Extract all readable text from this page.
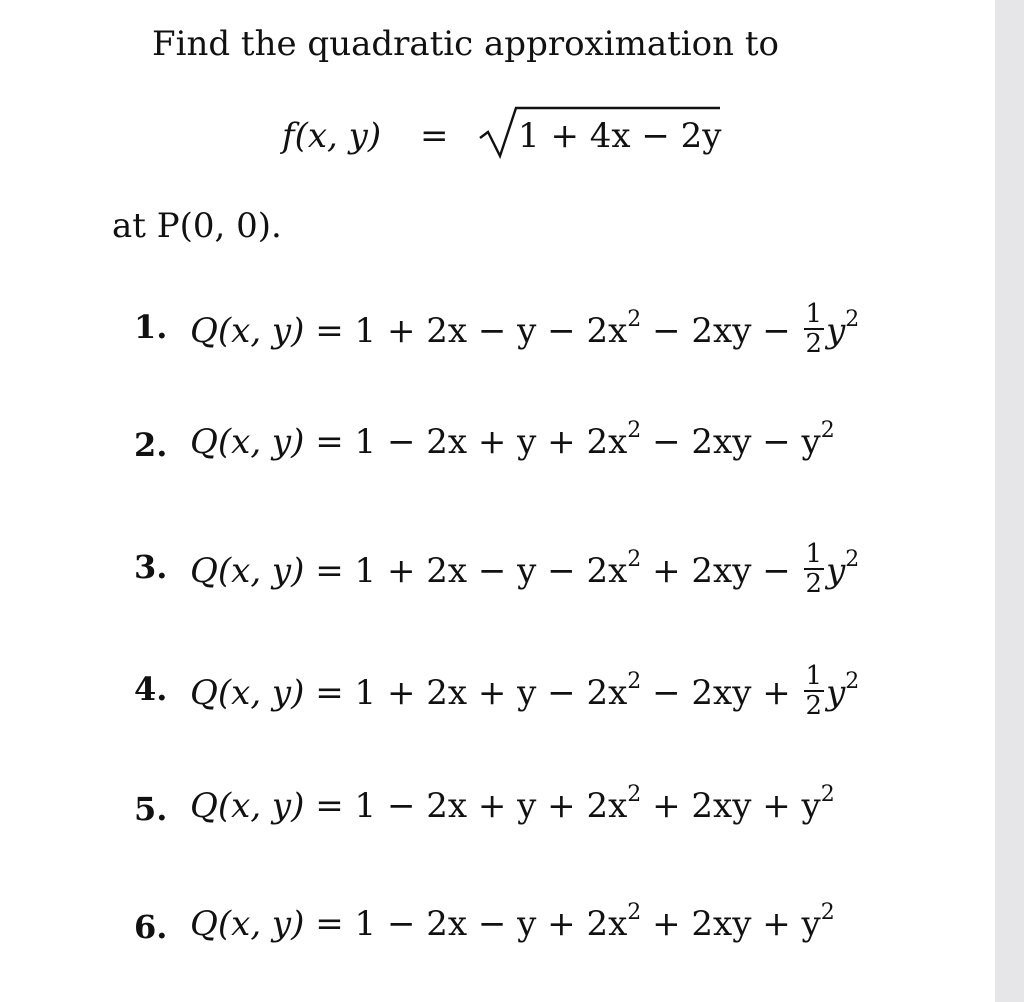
Find the quadratic approximation to
f(x, y) = 1 + 4x − 2y
at P(0, 0).
1. Q(x, $y) = 1 + 2x - y - 2x^2 - 2xy - \frac{1}{2} y^2$
2. Q(x, $y) = 1 - 2x + y + 2x^2 - 2xy - y^2$
3. Q(x, $y) = 1 + 2x - y - 2x^2 + 2xy - \frac{1}{2} y^2$
4. Q(x, $y) = 1 + 2x + y - 2x^2 - 2xy + \frac{1}{2} y^2$
5. Q(x, $y) = 1 - 2x + y + 2x^2 + 2xy + y^2$
6. Q(x, $y) = 1 - 2x - y + 2x^2 + 2xy + y^2$
